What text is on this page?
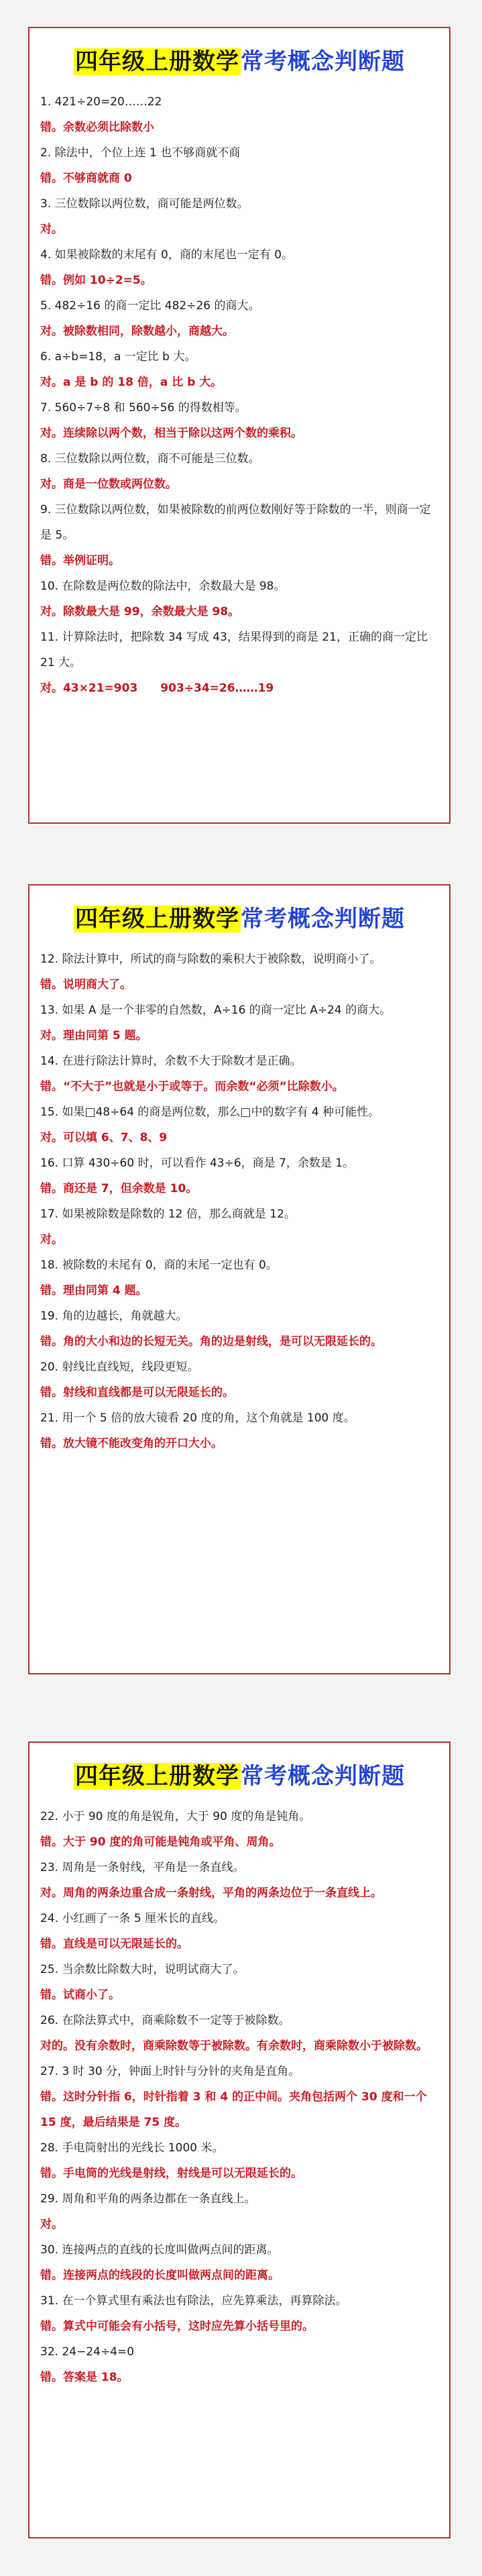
四年级上册数学常考概念判断题

1. 421÷20=20……22

错。余数必须比除数小

2. 除法中，个位上连 1 也不够商就不商

错。不够商就商 0

3. 三位数除以两位数，商可能是两位数。

对。

4. 如果被除数的末尾有 0，商的末尾也一定有 0。

错。例如 10÷2=5。

5. 482÷16 的商一定比 482÷26 的商大。

对。被除数相同，除数越小，商越大。

6. a÷b=18，a 一定比 b 大。

对。a 是 b 的 18 倍，a 比 b 大。

7. 560÷7÷8 和 560÷56 的得数相等。

对。连续除以两个数，相当于除以这两个数的乘积。

8. 三位数除以两位数，商不可能是三位数。

对。商是一位数或两位数。

9. 三位数除以两位数，如果被除数的前两位数刚好等于除数的一半，则商一定是 5。

错。举例证明。

10. 在除数是两位数的除法中，余数最大是 98。

对。除数最大是 99，余数最大是 98。

11. 计算除法时，把除数 34 写成 43，结果得到的商是 21，正确的商一定比 21 大。

对。43×21=903　　903÷34=26……19

四年级上册数学常考概念判断题

12. 除法计算中，所试的商与除数的乘积大于被除数，说明商小了。

错。说明商大了。

13. 如果 A 是一个非零的自然数，A÷16 的商一定比 A÷24 的商大。

对。理由同第 5 题。

14. 在进行除法计算时，余数不大于除数才是正确。

错。“不大于”也就是小于或等于。而余数“必须”比除数小。

15. 如果□48÷64 的商是两位数，那么□中的数字有 4 种可能性。

对。可以填 6、7、8、9

16. 口算 430÷60 时，可以看作 43÷6，商是 7，余数是 1。

错。商还是 7，但余数是 10。

17. 如果被除数是除数的 12 倍，那么商就是 12。

对。

18. 被除数的末尾有 0，商的末尾一定也有 0。

错。理由同第 4 题。

19. 角的边越长，角就越大。

错。角的大小和边的长短无关。角的边是射线，是可以无限延长的。

20. 射线比直线短，线段更短。

错。射线和直线都是可以无限延长的。

21. 用一个 5 倍的放大镜看 20 度的角，这个角就是 100 度。

错。放大镜不能改变角的开口大小。

四年级上册数学常考概念判断题

22. 小于 90 度的角是锐角，大于 90 度的角是钝角。

错。大于 90 度的角可能是钝角或平角、周角。

23. 周角是一条射线，平角是一条直线。

对。周角的两条边重合成一条射线，平角的两条边位于一条直线上。

24. 小红画了一条 5 厘米长的直线。

错。直线是可以无限延长的。

25. 当余数比除数大时，说明试商大了。

错。试商小了。

26. 在除法算式中，商乘除数不一定等于被除数。

对的。没有余数时，商乘除数等于被除数。有余数时，商乘除数小于被除数。

27. 3 时 30 分，钟面上时针与分针的夹角是直角。

错。这时分针指 6，时针指着 3 和 4 的正中间。夹角包括两个 30 度和一个 15 度，最后结果是 75 度。

28. 手电筒射出的光线长 1000 米。

错。手电筒的光线是射线，射线是可以无限延长的。

29. 周角和平角的两条边都在一条直线上。

对。

30. 连接两点的直线的长度叫做两点间的距离。

错。连接两点的线段的长度叫做两点间的距离。

31. 在一个算式里有乘法也有除法，应先算乘法，再算除法。

错。算式中可能会有小括号，这时应先算小括号里的。

32. 24−24÷4=0

错。答案是 18。
